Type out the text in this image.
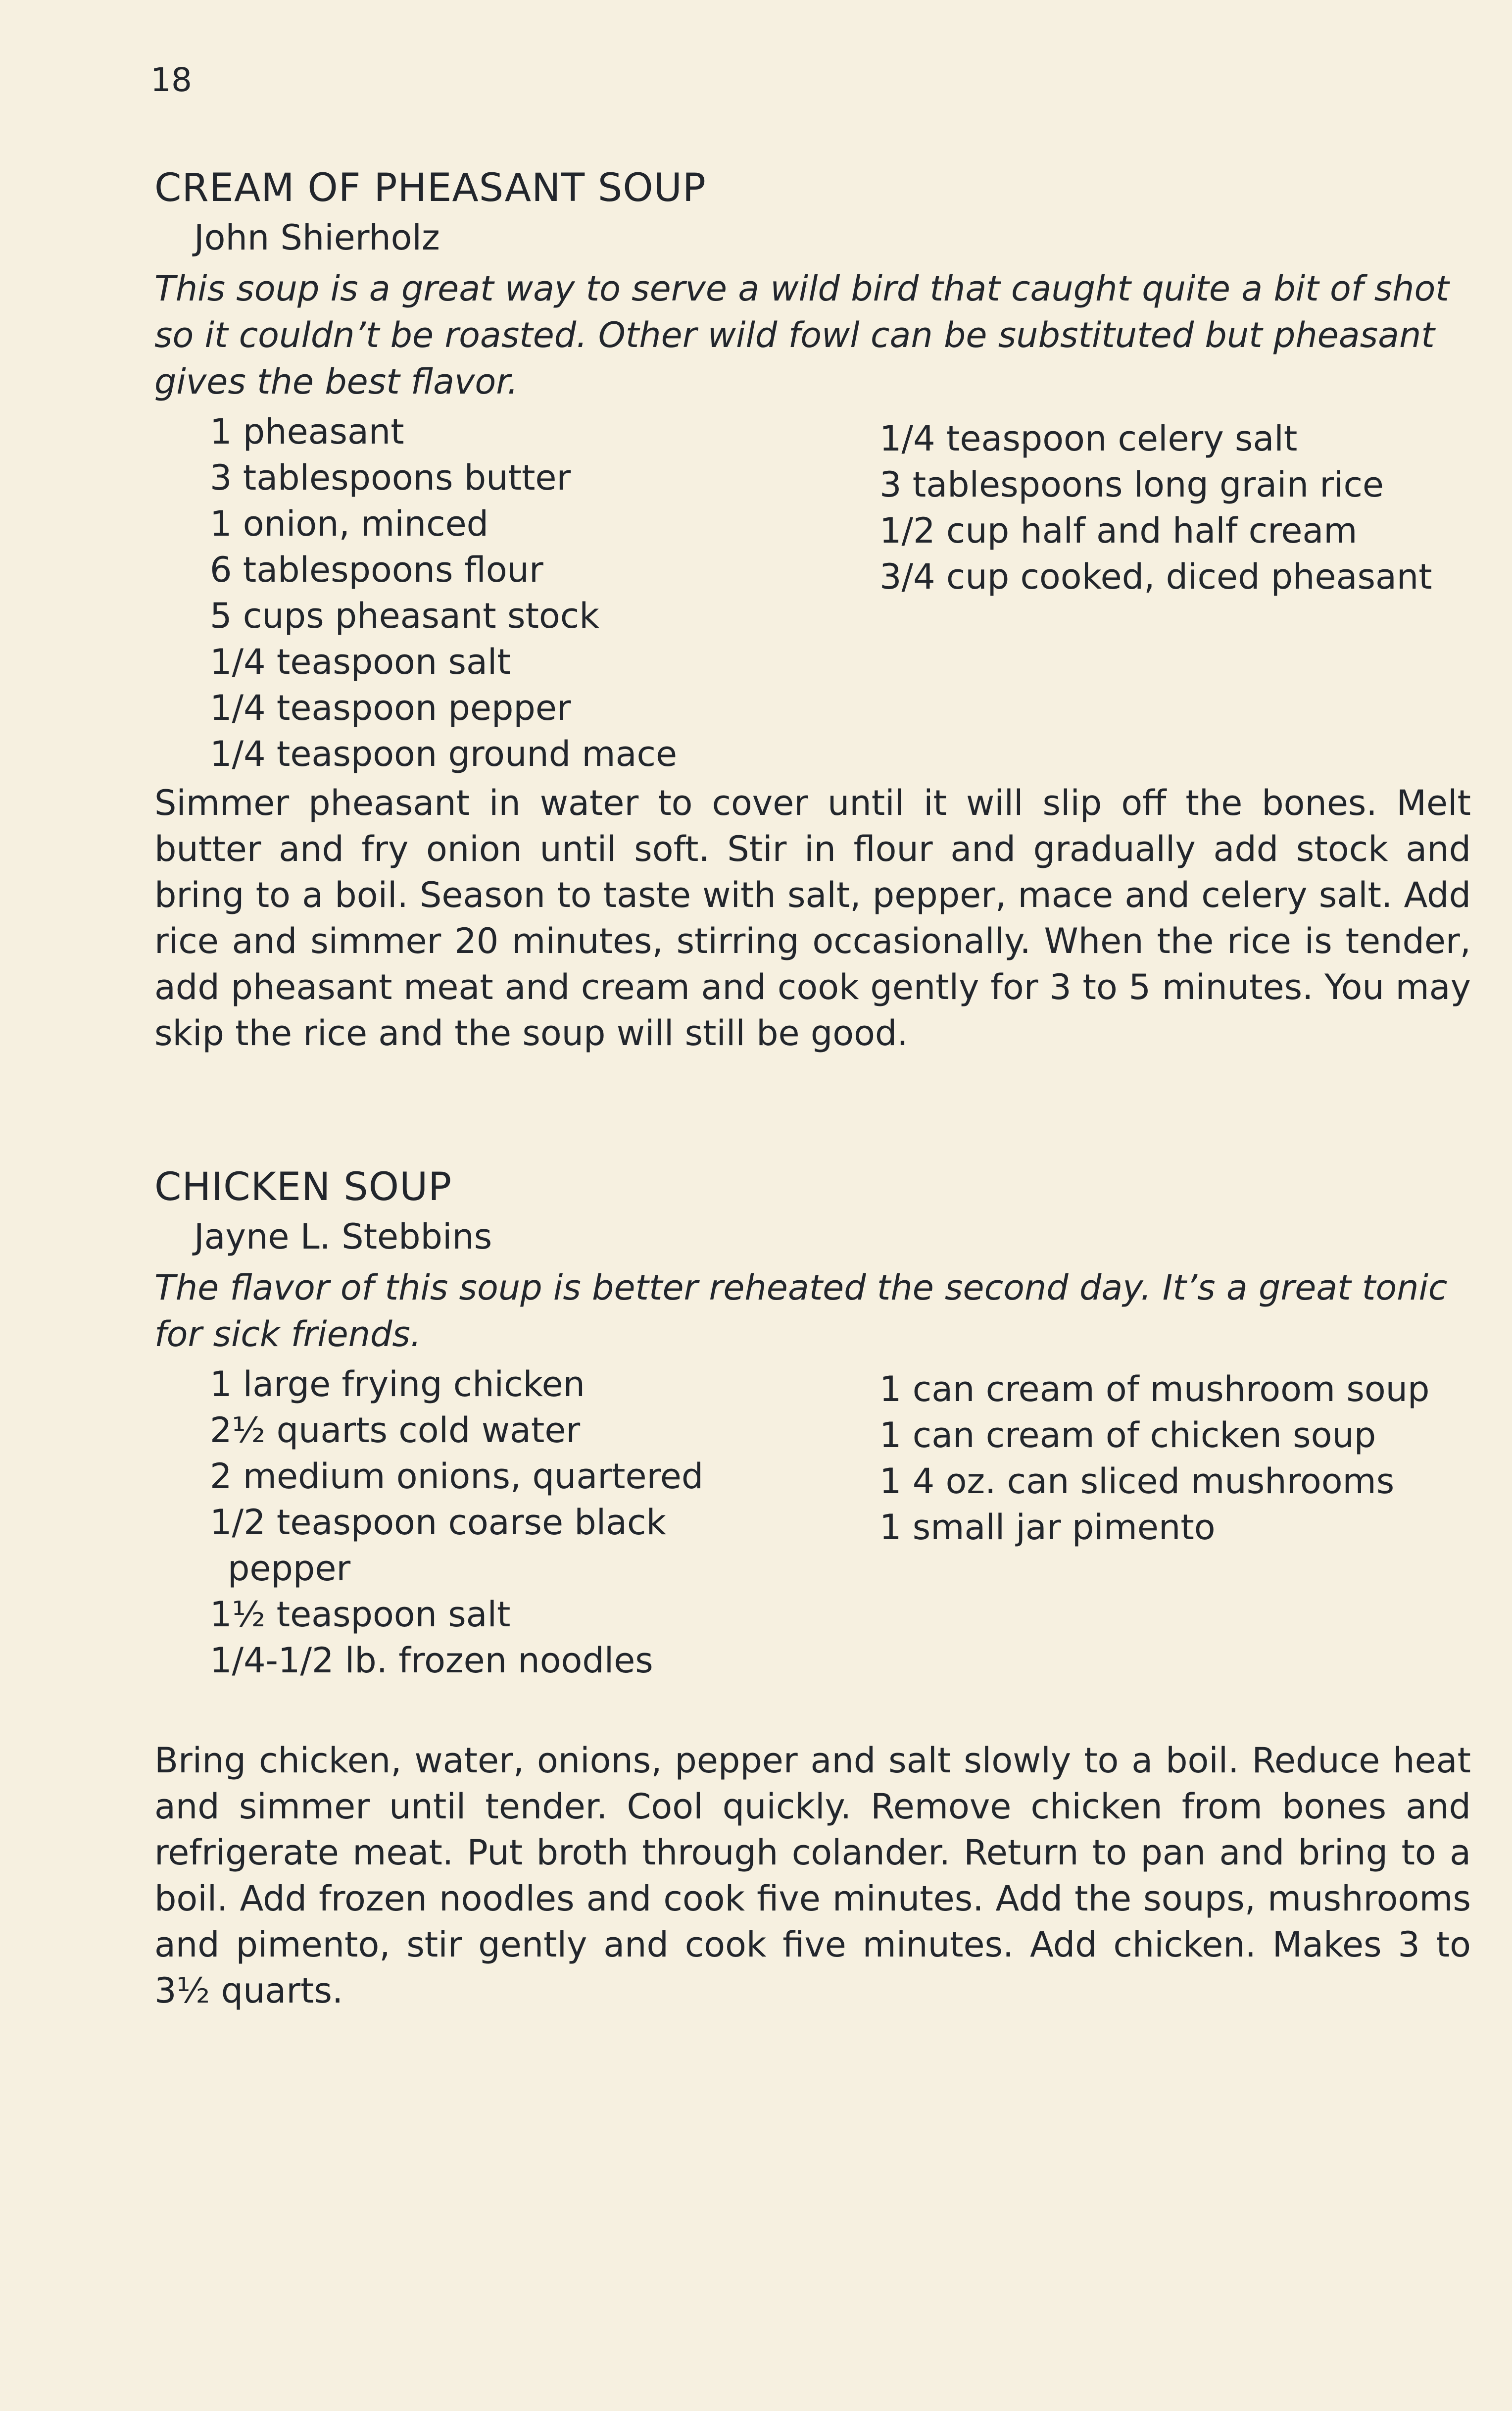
18
CREAM OF PHEASANT SOUP
John Shierholz
This soup is a great way to serve a wild bird that caught quite a bit of shot so it couldn’t be roasted. Other wild fowl can be substituted but pheasant gives the best flavor.
1 pheasant
3 tablespoons butter
1 onion, minced
6 tablespoons flour
5 cups pheasant stock
1/4 teaspoon salt
1/4 teaspoon pepper
1/4 teaspoon ground mace
1/4 teaspoon celery salt
3 tablespoons long grain rice
1/2 cup half and half cream
3/4 cup cooked, diced pheasant

Simmer pheasant in water to cover until it will slip off the bones. Melt butter and fry onion until soft. Stir in flour and gradually add stock and bring to a boil. Season to taste with salt, pepper, mace and celery salt. Add rice and simmer 20 minutes, stirring occasionally. When the rice is tender, add pheasant meat and cream and cook gently for 3 to 5 minutes. You may skip the rice and the soup will still be good.

CHICKEN SOUP
Jayne L. Stebbins
The flavor of this soup is better reheated the second day. It’s a great tonic for sick friends.
1 large frying chicken
2½ quarts cold water
2 medium onions, quartered
1/2 teaspoon coarse black pepper
1½ teaspoon salt
1/4-1/2 lb. frozen noodles
1 can cream of mushroom soup
1 can cream of chicken soup
1 4 oz. can sliced mushrooms
1 small jar pimento

Bring chicken, water, onions, pepper and salt slowly to a boil. Reduce heat and simmer until tender. Cool quickly. Remove chicken from bones and refrigerate meat. Put broth through colander. Return to pan and bring to a boil. Add frozen noodles and cook five minutes. Add the soups, mushrooms and pimento, stir gently and cook five minutes. Add chicken. Makes 3 to 3½ quarts.
